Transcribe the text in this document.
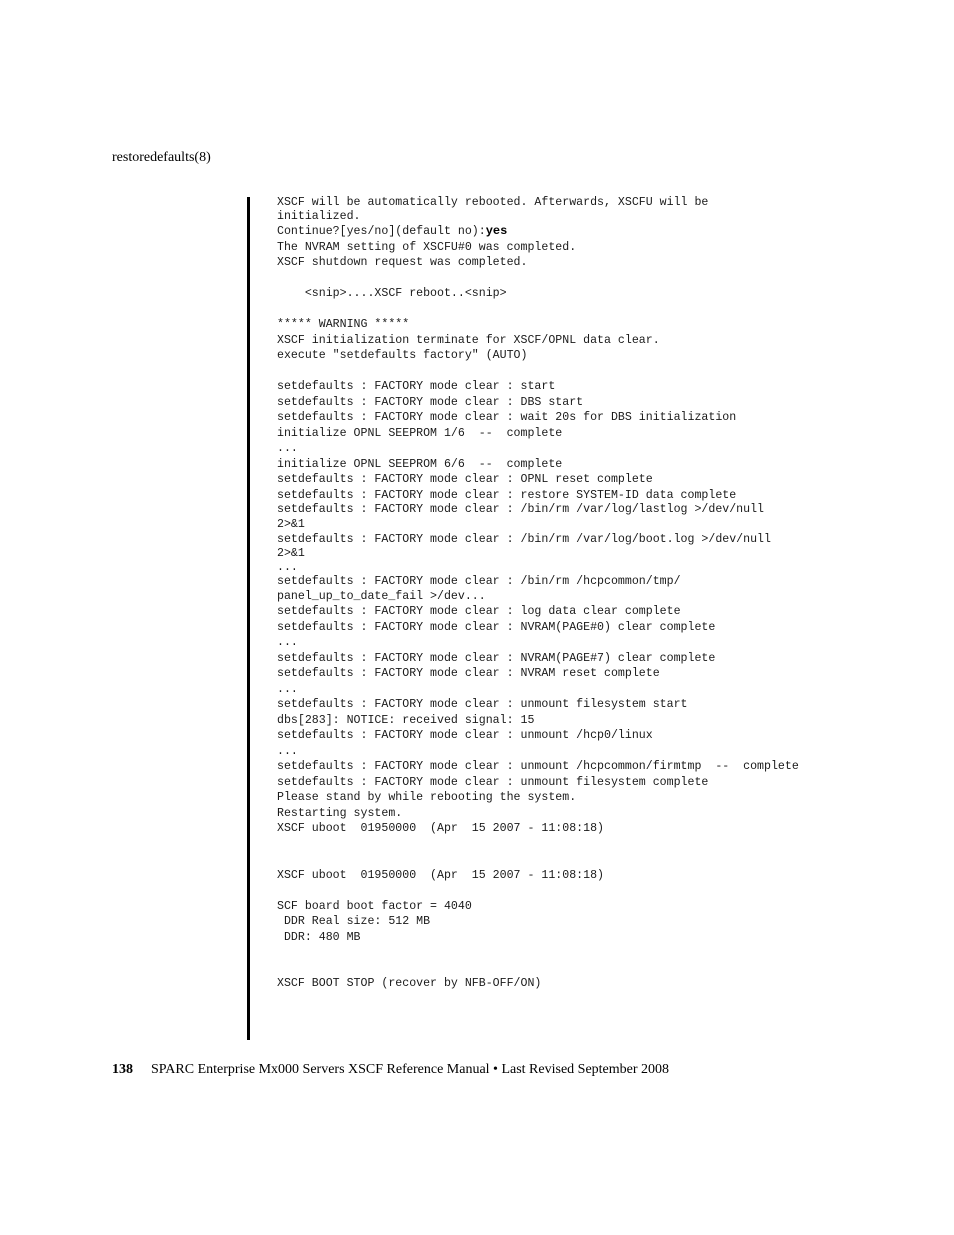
restoredefaults(8)
XSCF will be automatically rebooted. Afterwards, XSCFU will be
initialized.
Continue?[yes/no](default no):yes
The NVRAM setting of XSCFU#0 was completed.
XSCF shutdown request was completed.
<snip>....XSCF reboot..<snip>
***** WARNING *****
XSCF initialization terminate for XSCF/OPNL data clear.
execute "setdefaults factory" (AUTO)
setdefaults : FACTORY mode clear : start
setdefaults : FACTORY mode clear : DBS start
setdefaults : FACTORY mode clear : wait 20s for DBS initialization
initialize OPNL SEEPROM 1/6  --  complete
...
initialize OPNL SEEPROM 6/6  --  complete
setdefaults : FACTORY mode clear : OPNL reset complete
setdefaults : FACTORY mode clear : restore SYSTEM-ID data complete
setdefaults : FACTORY mode clear : /bin/rm /var/log/lastlog >/dev/null
2>&1
setdefaults : FACTORY mode clear : /bin/rm /var/log/boot.log >/dev/null
2>&1
...
setdefaults : FACTORY mode clear : /bin/rm /hcpcommon/tmp/
panel_up_to_date_fail >/dev...
setdefaults : FACTORY mode clear : log data clear complete
setdefaults : FACTORY mode clear : NVRAM(PAGE#0) clear complete
...
setdefaults : FACTORY mode clear : NVRAM(PAGE#7) clear complete
setdefaults : FACTORY mode clear : NVRAM reset complete
...
setdefaults : FACTORY mode clear : unmount filesystem start
dbs[283]: NOTICE: received signal: 15
setdefaults : FACTORY mode clear : unmount /hcp0/linux
...
setdefaults : FACTORY mode clear : unmount /hcpcommon/firmtmp  --  complete
setdefaults : FACTORY mode clear : unmount filesystem complete
Please stand by while rebooting the system.
Restarting system.
XSCF uboot  01950000  (Apr  15 2007 - 11:08:18)
XSCF uboot  01950000  (Apr  15 2007 - 11:08:18)
SCF board boot factor = 4040
DDR Real size: 512 MB
DDR: 480 MB
XSCF BOOT STOP (recover by NFB-OFF/ON)
138 SPARC Enterprise Mx000 Servers XSCF Reference Manual • Last Revised September 2008
